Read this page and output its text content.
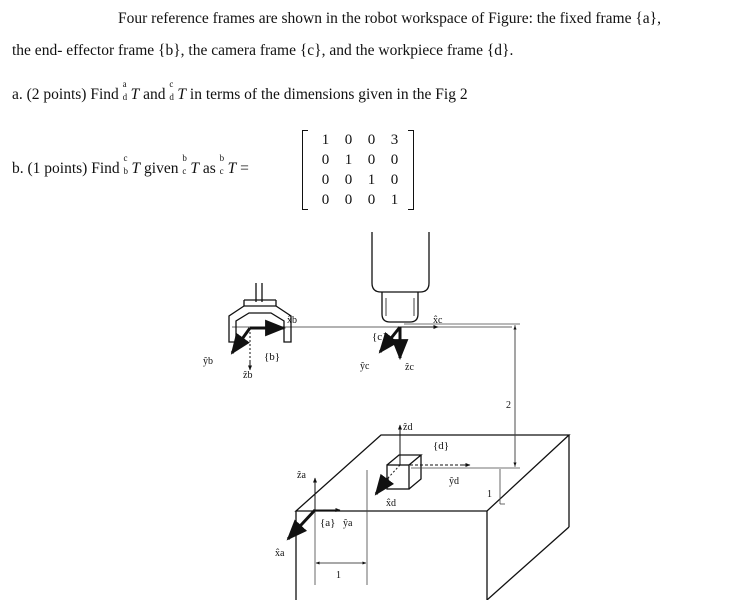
Four reference frames are shown in the robot workspace of Figure: the fixed frame {a},
the end- effector frame {b}, the camera frame {c}, and the workpiece frame {d}.
a. (2 points) Find
a
d T and
c
d T in terms of the dimensions given in the Fig 2
b. (1 points) Find
c
b T given
b
c T as
b
c T =
1	0	0	3
0	1	0	0
0	0	1	0
0	0	0	1
x̂b
ŷb
ẑb
{b}
x̂c
ŷc	ẑc
{c}
ẑd
{d}
ŷd
x̂d
ẑa
{a} ŷa
x̂a
1
1
2
